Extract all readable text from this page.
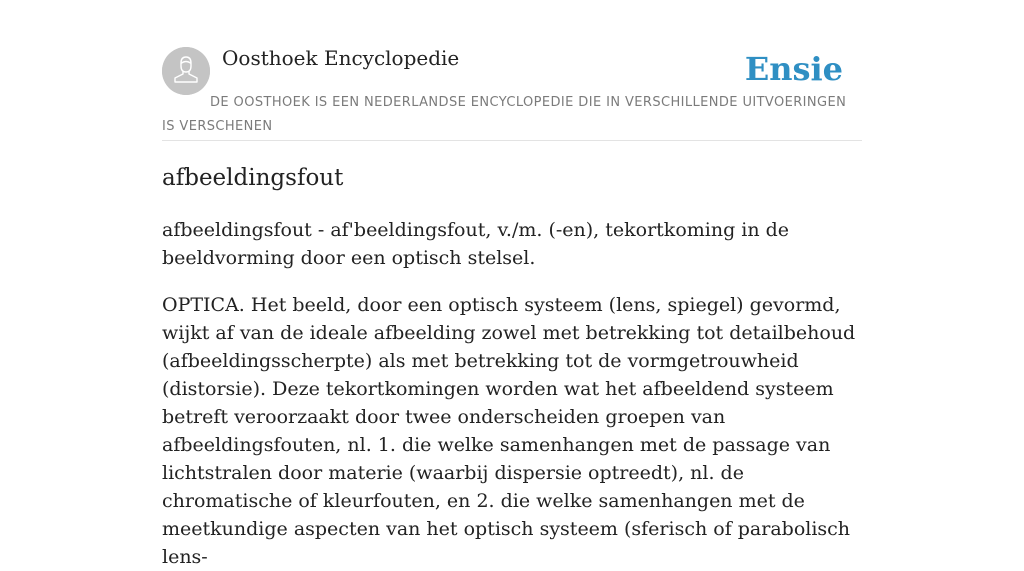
Oosthoek Encyclopedie	Ensie
DE OOSTHOEK IS EEN NEDERLANDSE ENCYCLOPEDIE DIE IN VERSCHILLENDE UITVOERINGEN IS VERSCHENEN
afbeeldingsfout

afbeeldingsfout - af'beeldingsfout, v./m. (-en), tekortkoming in de beeldvorming door een optisch stelsel.

OPTICA. Het beeld, door een optisch systeem (lens, spiegel) gevormd, wijkt af van de ideale afbeelding zowel met betrekking tot detailbehoud (afbeeldingsscherpte) als met betrekking tot de vormgetrouwheid (distorsie). Deze tekortkomingen worden wat het afbeeldend systeem betreft veroorzaakt door twee onderscheiden groepen van afbeeldingsfouten, nl. 1. die welke samenhangen met de passage van lichtstralen door materie (waarbij dispersie optreedt), nl. de chromatische of kleurfouten, en 2. die welke samenhangen met de meetkundige aspecten van het optisch systeem (sferisch of parabolisch lens-
